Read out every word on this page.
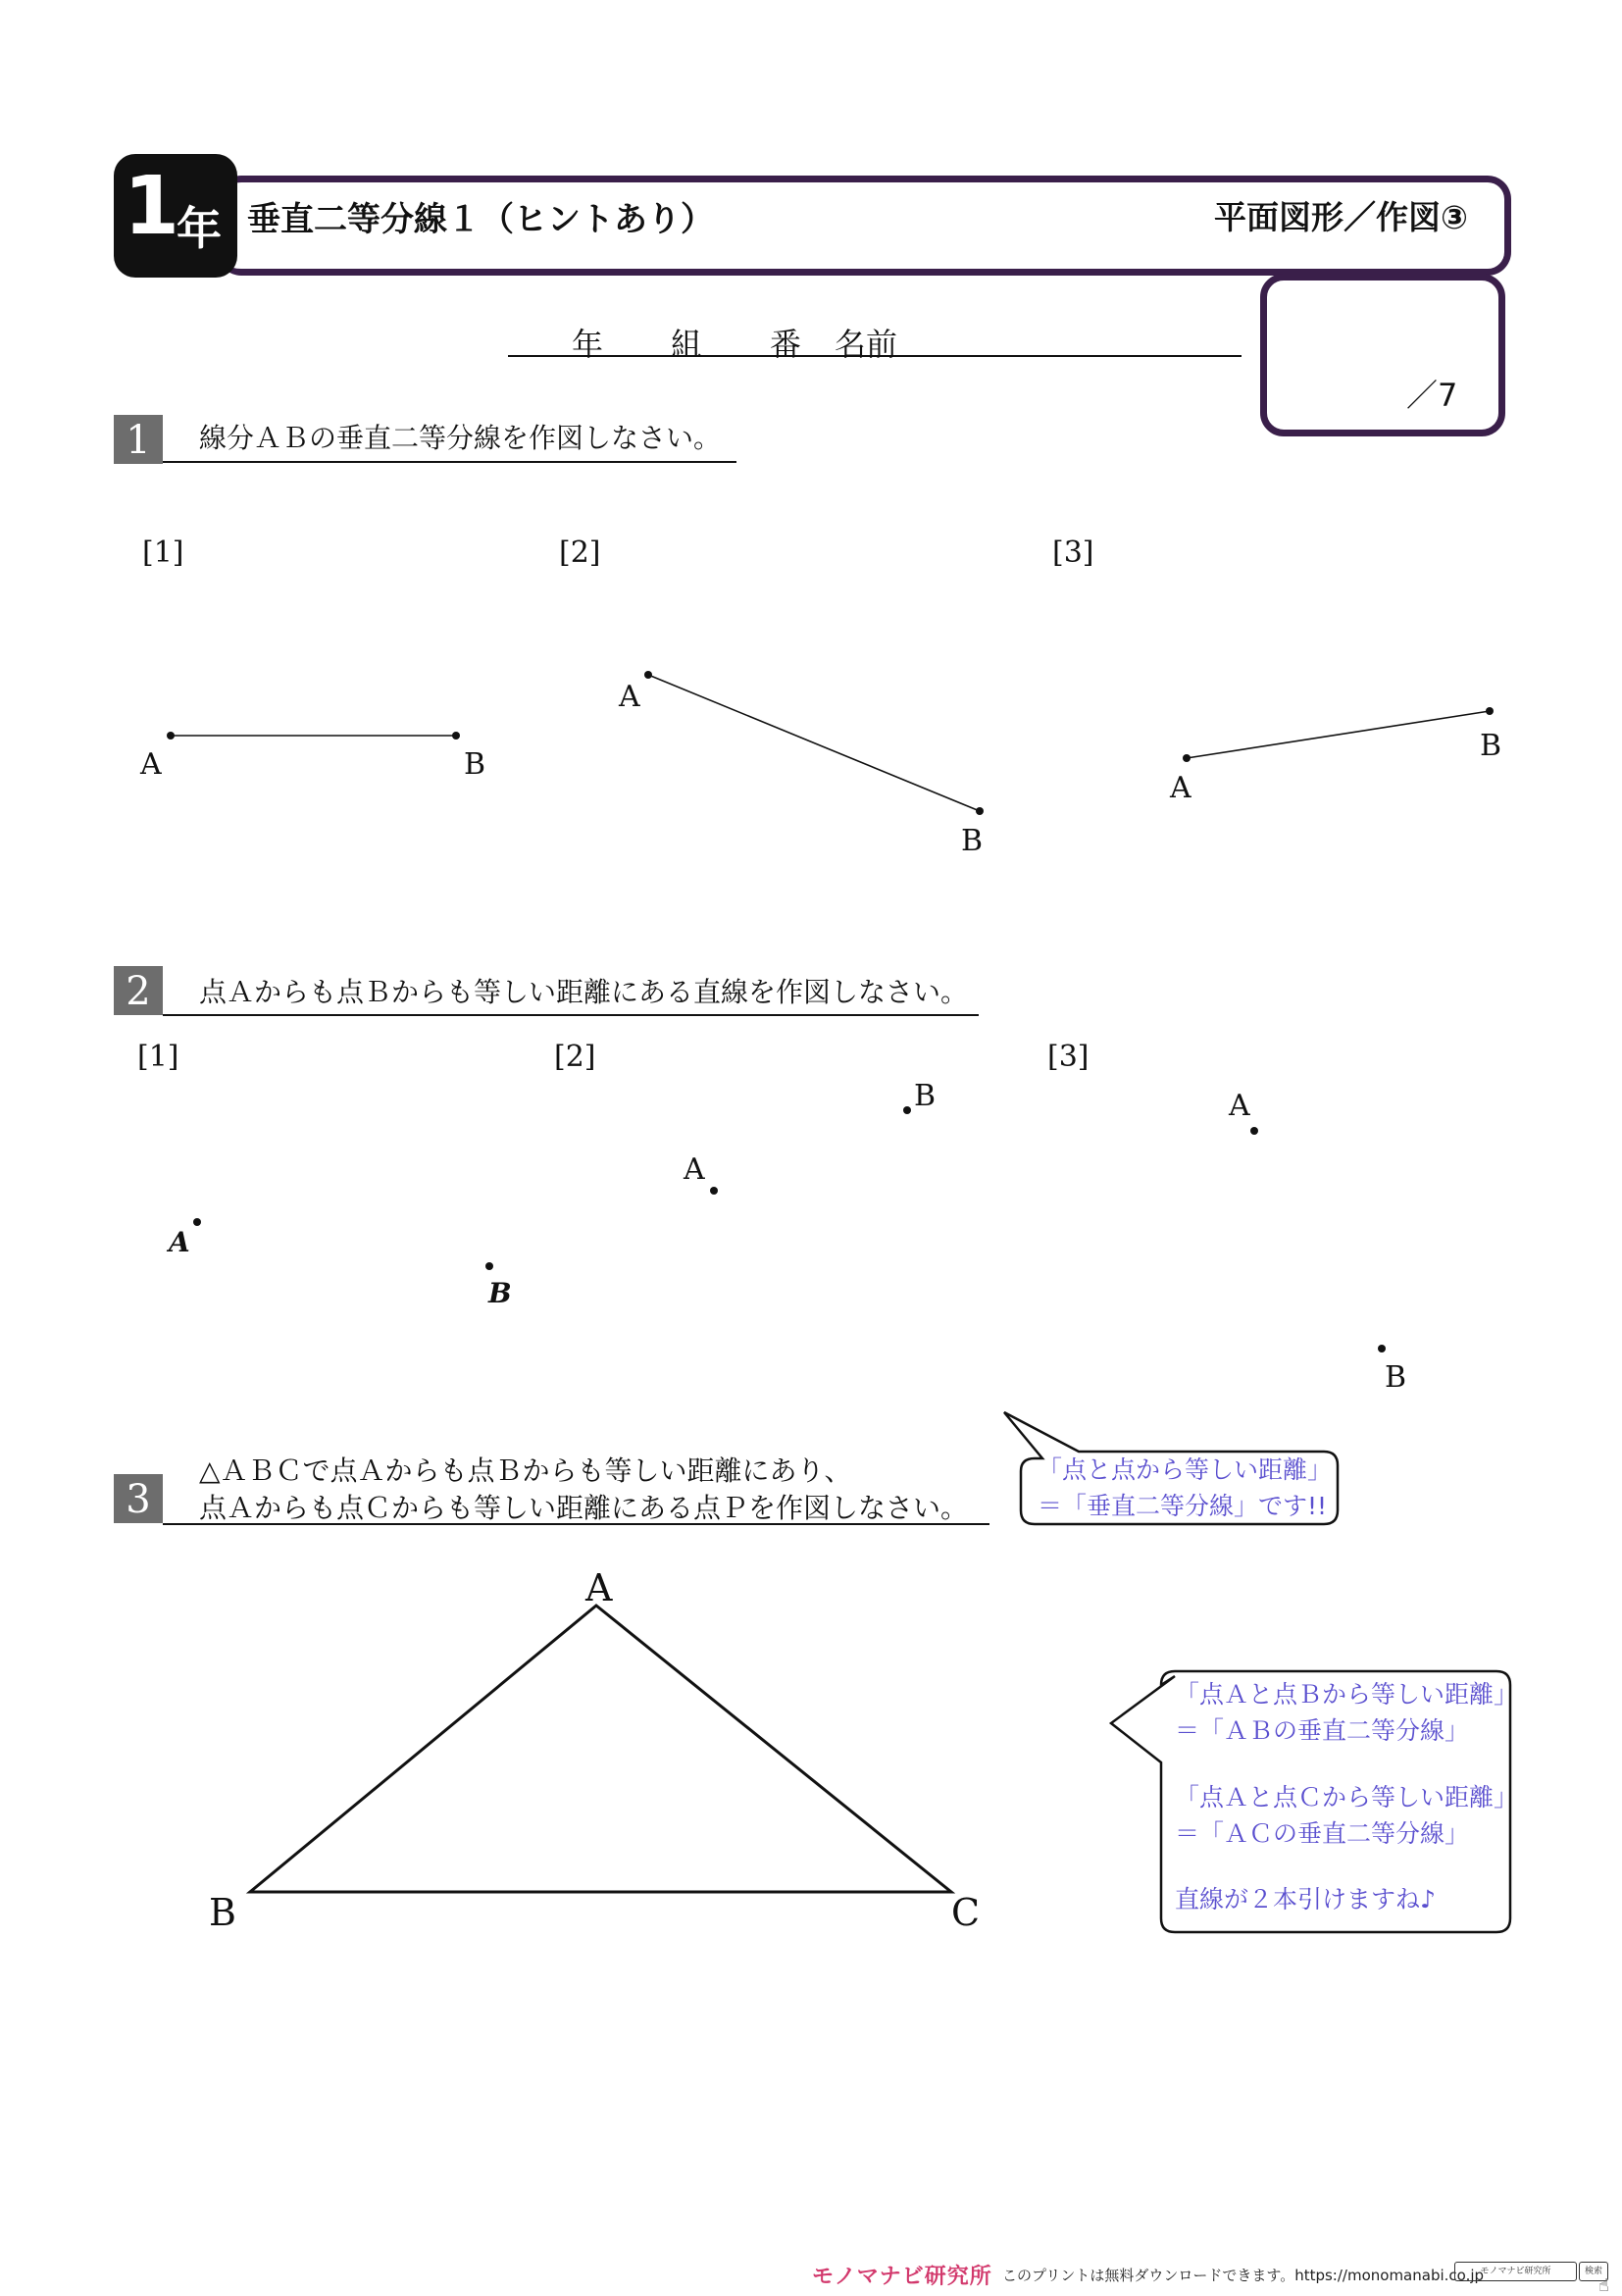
1
年 垂直二等分線１（ヒントあり）	平面図形／作図③
／7
年 組 番 名前
1	線分ＡＢの垂直二等分線を作図しなさい。
[1]	[2]	[3]
A	B
A
B
A
B
2	点Ａからも点Ｂからも等しい距離にある直線を作図しなさい。
[1]	[2]	[3]
A
B
A
B	A
B
3
△ＡＢＣで点Ａからも点Ｂからも等しい距離にあり、
点Ａからも点Ｃからも等しい距離にある点Ｐを作図しなさい。
A
B	C
「点と点から等しい距離」
＝「垂直二等分線」です!!
「点Ａと点Ｂから等しい距離」
＝「ＡＢの垂直二等分線」
「点Ａと点Ｃから等しい距離」
＝「ＡＣの垂直二等分線」
直線が２本引けますね♪
モノマナビ研究所 このプリントは無料ダウンロードできます。https://monomanabi.co.jp
モノマナビ研究所	検索
☝
